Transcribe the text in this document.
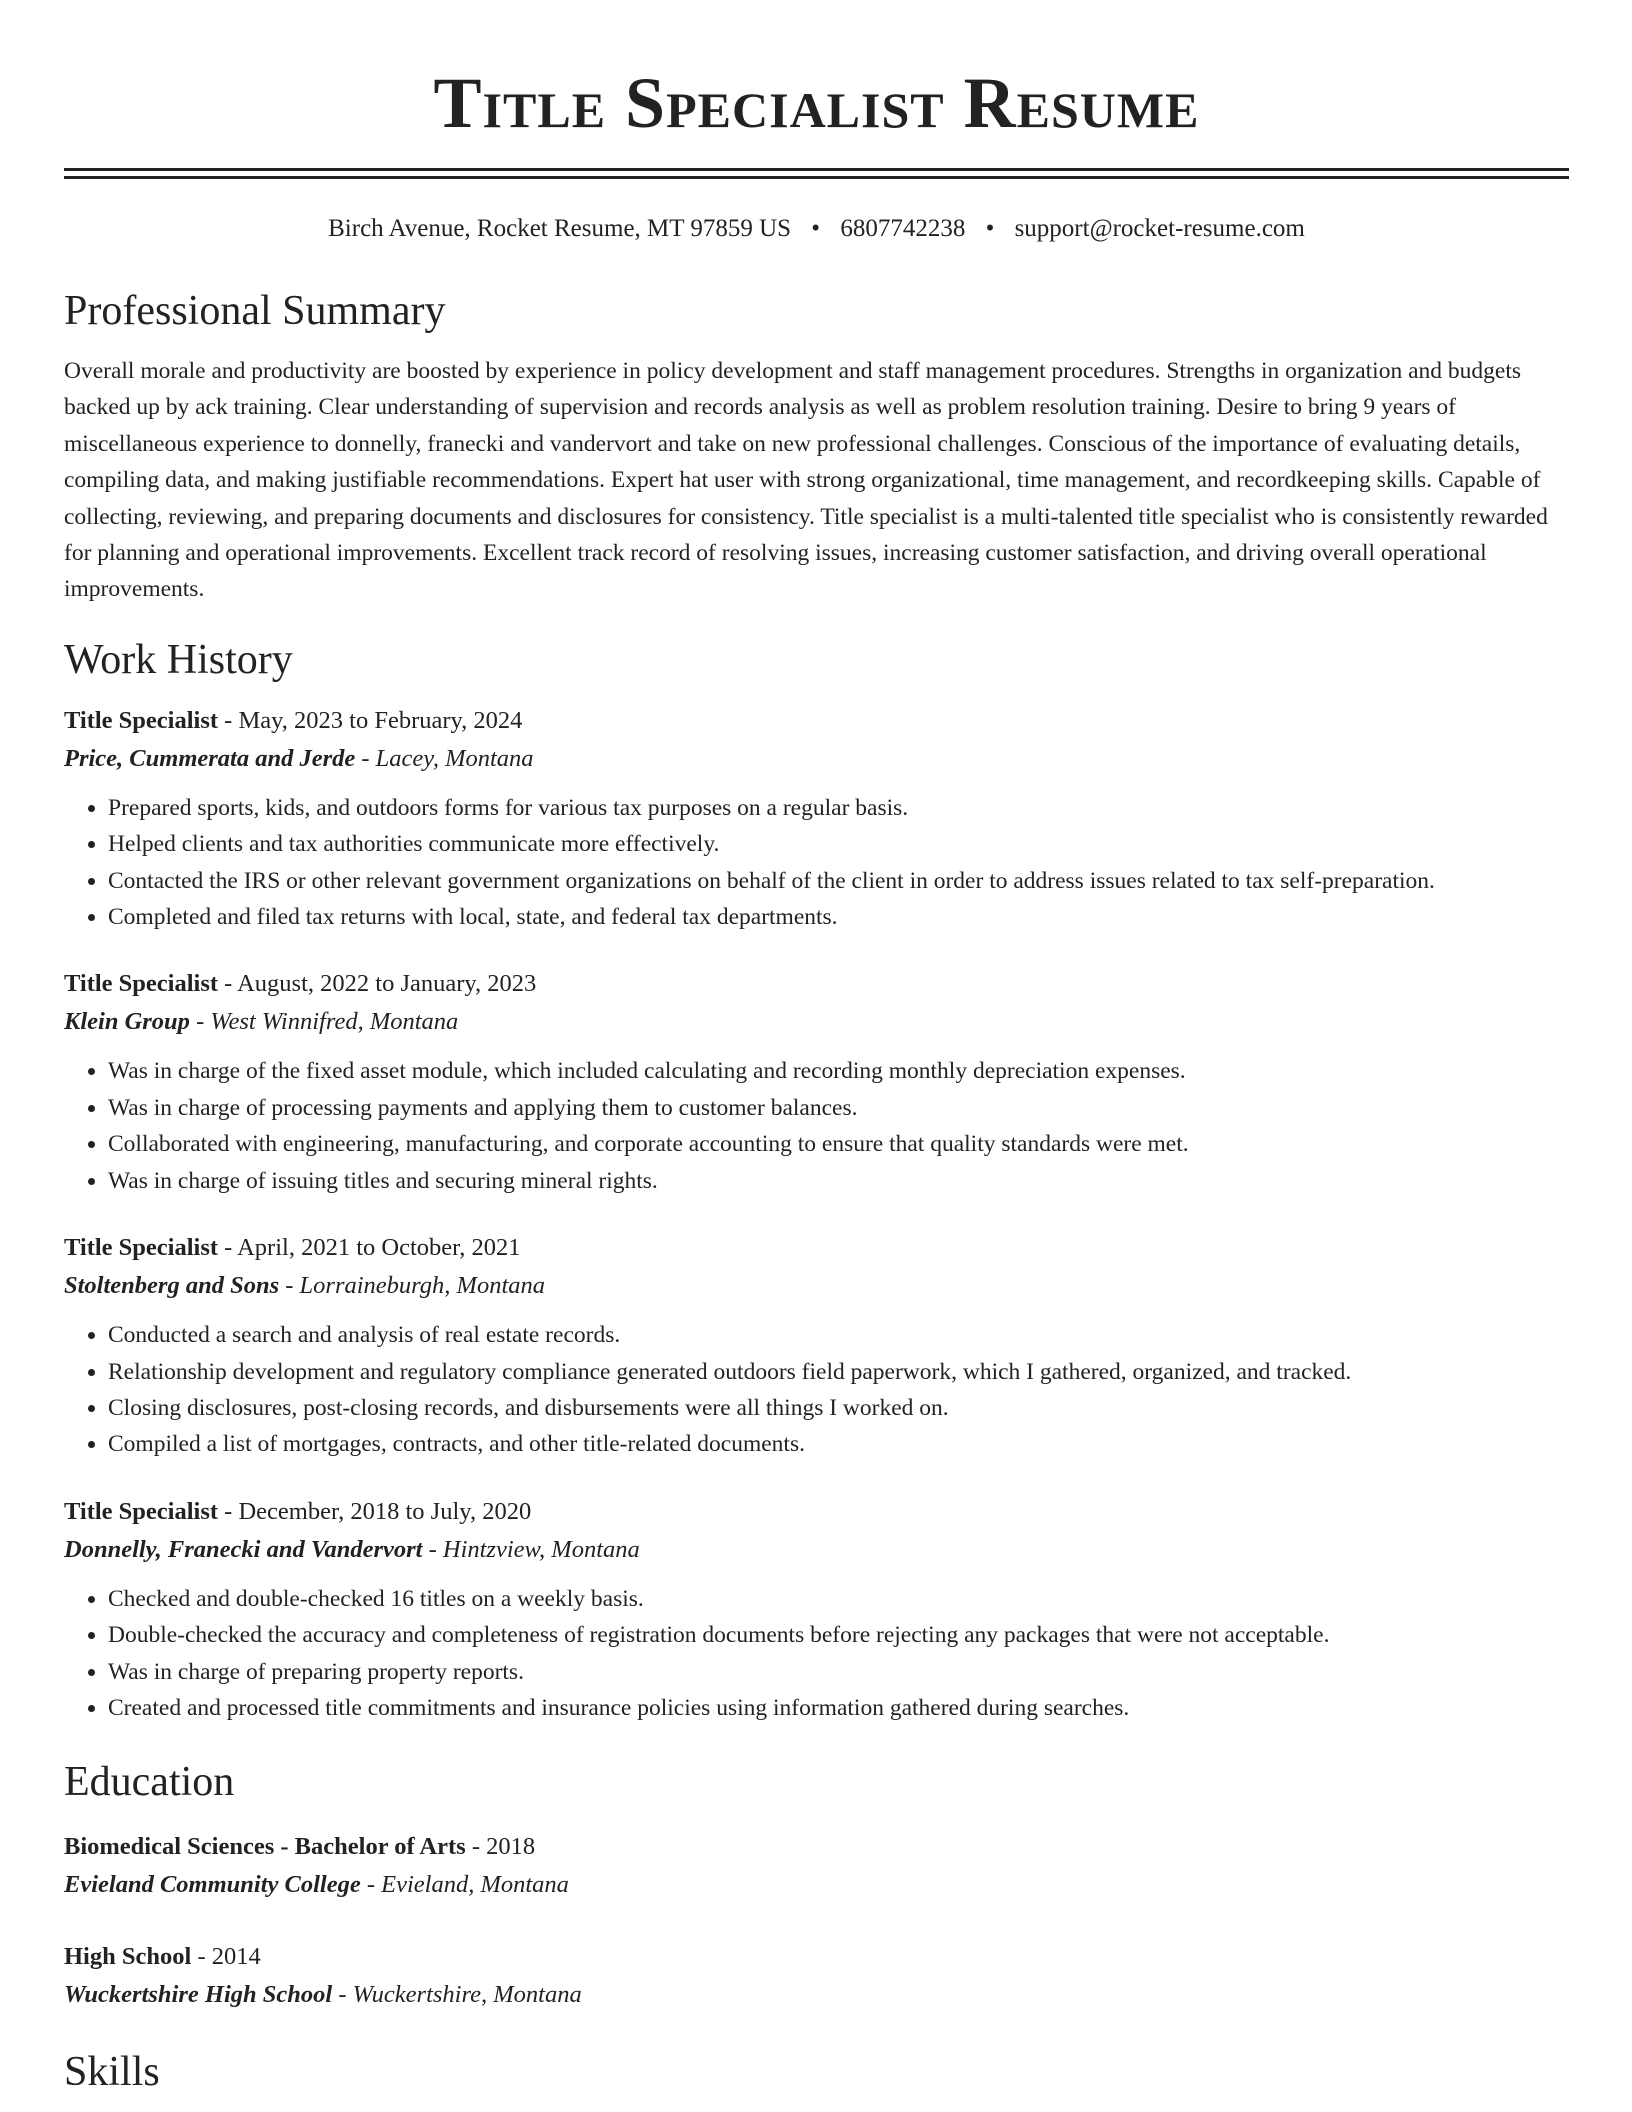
Title Specialist Resume
Birch Avenue, Rocket Resume, MT 97859 US • 6807742238 • support@rocket-resume.com
Professional Summary
Overall morale and productivity are boosted by experience in policy development and staff management procedures. Strengths in organization and budgets backed up by ack training. Clear understanding of supervision and records analysis as well as problem resolution training. Desire to bring 9 years of miscellaneous experience to donnelly, franecki and vandervort and take on new professional challenges. Conscious of the importance of evaluating details, compiling data, and making justifiable recommendations. Expert hat user with strong organizational, time management, and recordkeeping skills. Capable of collecting, reviewing, and preparing documents and disclosures for consistency. Title specialist is a multi-talented title specialist who is consistently rewarded for planning and operational improvements. Excellent track record of resolving issues, increasing customer satisfaction, and driving overall operational improvements.
Work History
Title Specialist - May, 2023 to February, 2024
Price, Cummerata and Jerde - Lacey, Montana
• Prepared sports, kids, and outdoors forms for various tax purposes on a regular basis.
• Helped clients and tax authorities communicate more effectively.
• Contacted the IRS or other relevant government organizations on behalf of the client in order to address issues related to tax self-preparation.
• Completed and filed tax returns with local, state, and federal tax departments.
Title Specialist - August, 2022 to January, 2023
Klein Group - West Winnifred, Montana
• Was in charge of the fixed asset module, which included calculating and recording monthly depreciation expenses.
• Was in charge of processing payments and applying them to customer balances.
• Collaborated with engineering, manufacturing, and corporate accounting to ensure that quality standards were met.
• Was in charge of issuing titles and securing mineral rights.
Title Specialist - April, 2021 to October, 2021
Stoltenberg and Sons - Lorraineburgh, Montana
• Conducted a search and analysis of real estate records.
• Relationship development and regulatory compliance generated outdoors field paperwork, which I gathered, organized, and tracked.
• Closing disclosures, post-closing records, and disbursements were all things I worked on.
• Compiled a list of mortgages, contracts, and other title-related documents.
Title Specialist - December, 2018 to July, 2020
Donnelly, Franecki and Vandervort - Hintzview, Montana
• Checked and double-checked 16 titles on a weekly basis.
• Double-checked the accuracy and completeness of registration documents before rejecting any packages that were not acceptable.
• Was in charge of preparing property reports.
• Created and processed title commitments and insurance policies using information gathered during searches.
Education
Biomedical Sciences - Bachelor of Arts - 2018
Evieland Community College - Evieland, Montana
High School - 2014
Wuckertshire High School - Wuckertshire, Montana
Skills
